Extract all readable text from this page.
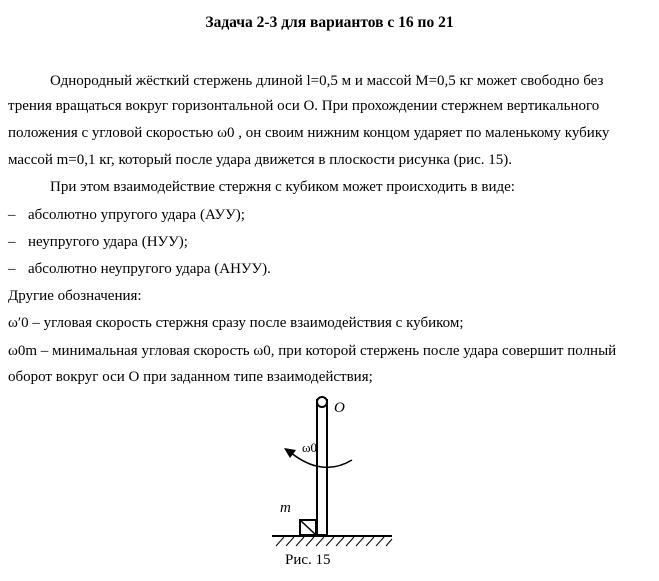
Задача 2-3 для вариантов с 16 по 21
Однородный жёсткий стержень длиной l=0,5 м и массой M=0,5 кг может свободно без
трения вращаться вокруг горизонтальной оси О. При прохождении стержнем вертикального
положения с угловой скоростью ω0 , он своим нижним концом ударяет по маленькому кубику
массой m=0,1 кг, который после удара движется в плоскости рисунка (рис. 15).
При этом взаимодействие стержня с кубиком может происходить в виде:
– абсолютно упругого удара (АУУ);
– неупругого удара (НУУ);
– абсолютно неупругого удара (АНУУ).
Другие обозначения:
ω′0 – угловая скорость стержня сразу после взаимодействия с кубиком;
ω0m – минимальная угловая скорость ω0, при которой стержень после удара совершит полный
оборот вокруг оси О при заданном типе взаимодействия;
O
ω0
m
Рис. 15
